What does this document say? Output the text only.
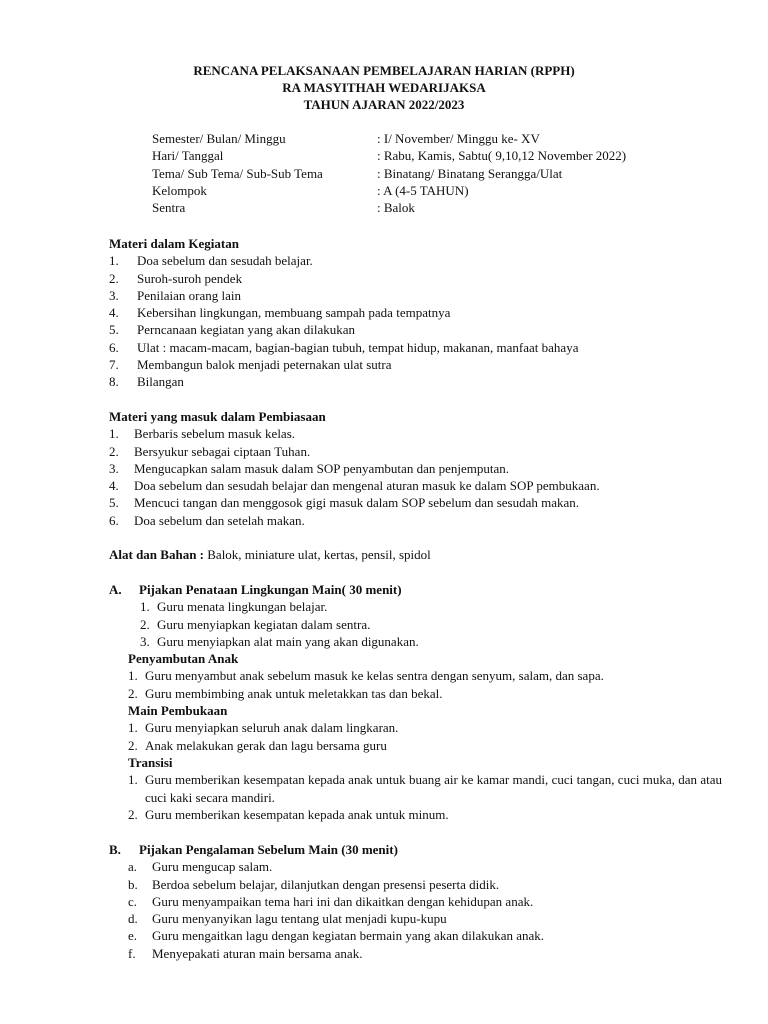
RENCANA PELAKSANAAN PEMBELAJARAN HARIAN (RPPH)
RA MASYITHAH WEDARIJAKSA
TAHUN AJARAN 2022/2023
Semester/ Bulan/ Minggu	: I/ November/ Minggu ke- XV
Hari/ Tanggal	: Rabu, Kamis, Sabtu( 9,10,12 November 2022)
Tema/ Sub Tema/ Sub-Sub Tema	: Binatang/ Binatang Serangga/Ulat
Kelompok	: A (4-5 TAHUN)
Sentra	: Balok
Materi dalam Kegiatan
1.	Doa sebelum dan sesudah belajar.
2.	Suroh-suroh pendek
3.	Penilaian orang lain
4.	Kebersihan lingkungan, membuang sampah pada tempatnya
5.	Perncanaan kegiatan yang akan dilakukan
6.	Ulat : macam-macam, bagian-bagian tubuh, tempat hidup, makanan, manfaat bahaya
7.	Membangun balok menjadi peternakan ulat sutra
8.	Bilangan
Materi yang masuk dalam Pembiasaan
1.	Berbaris sebelum masuk kelas.
2.	Bersyukur sebagai ciptaan Tuhan.
3.	Mengucapkan salam masuk dalam SOP penyambutan dan penjemputan.
4.	Doa sebelum dan sesudah belajar dan mengenal aturan masuk ke dalam SOP pembukaan.
5.	Mencuci tangan dan menggosok gigi masuk dalam SOP sebelum dan sesudah makan.
6.	Doa sebelum dan setelah makan.
Alat dan Bahan : Balok, miniature ulat, kertas, pensil, spidol
A.	Pijakan Penataan Lingkungan Main( 30 menit)
1. Guru menata lingkungan belajar.
2. Guru menyiapkan kegiatan dalam sentra.
3. Guru menyiapkan alat main yang akan digunakan.
Penyambutan Anak
1. Guru menyambut anak sebelum masuk ke kelas sentra dengan senyum, salam, dan sapa.
2. Guru membimbing anak untuk meletakkan tas dan bekal.
Main Pembukaan
1. Guru menyiapkan seluruh anak dalam lingkaran.
2. Anak melakukan gerak dan lagu bersama guru
Transisi
1. Guru memberikan kesempatan kepada anak untuk buang air ke kamar mandi, cuci tangan, cuci muka, dan atau cuci kaki secara mandiri.
2. Guru memberikan kesempatan kepada anak untuk minum.
B.	Pijakan Pengalaman Sebelum Main (30 menit)
a.	Guru mengucap salam.
b.	Berdoa sebelum belajar, dilanjutkan dengan presensi peserta didik.
c.	Guru menyampaikan tema hari ini dan dikaitkan dengan kehidupan anak.
d.	Guru menyanyikan lagu tentang ulat menjadi kupu-kupu
e.	Guru mengaitkan lagu dengan kegiatan bermain yang akan dilakukan anak.
f.	Menyepakati aturan main bersama anak.
